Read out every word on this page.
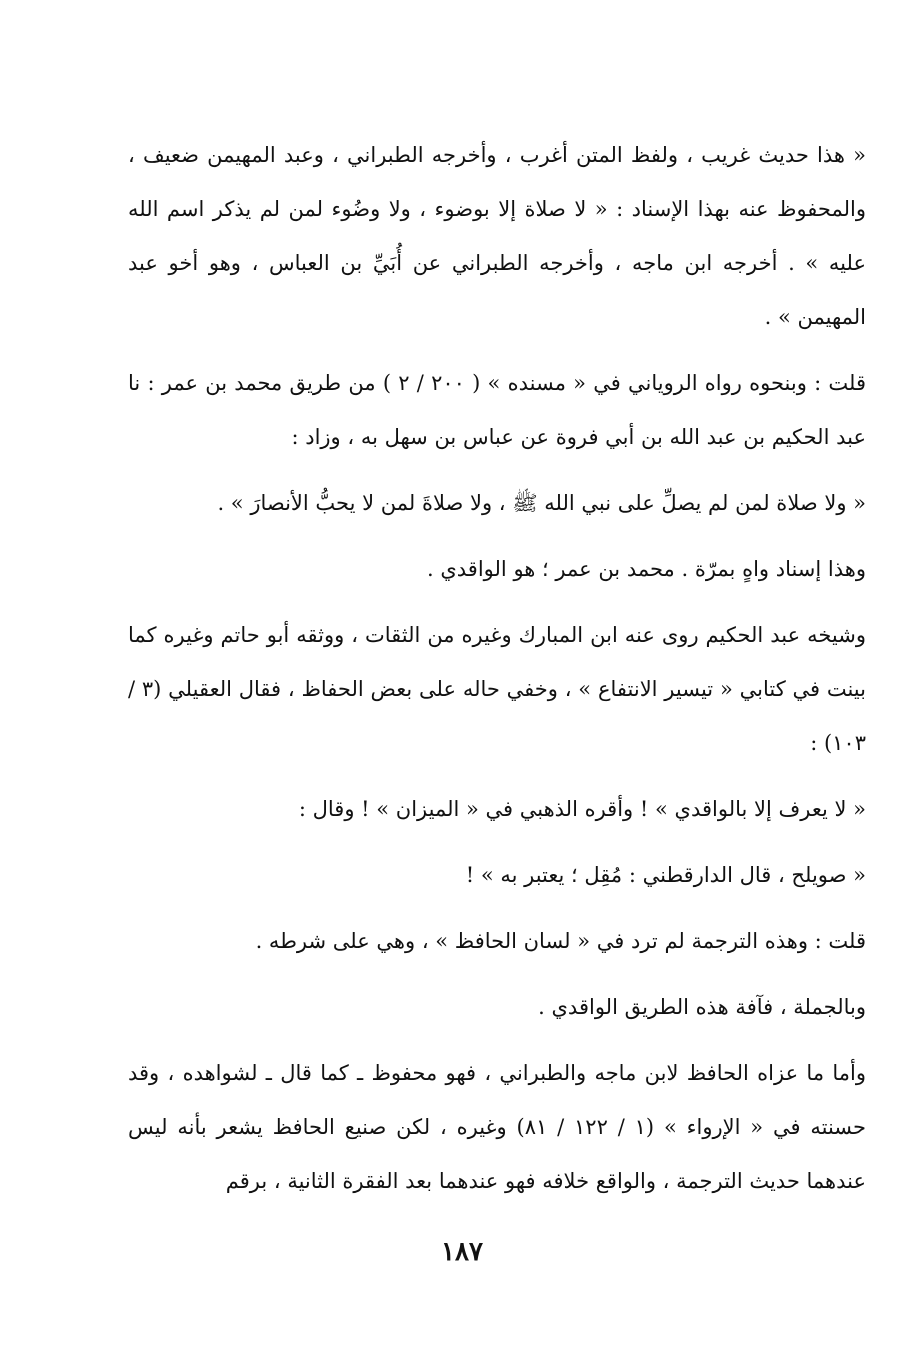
« هذا حديث غريب ، ولفظ المتن أغرب ، وأخرجه الطبراني ، وعبد المهيمن ضعيف ، والمحفوظ عنه بهذا الإسناد : « لا صلاة إلا بوضوء ، ولا وضُوء لمن لم يذكر اسم الله عليه » . أخرجه ابن ماجه ، وأخرجه الطبراني عن أُبَيِّ بن العباس ، وهو أخو عبد المهيمن » .

قلت : وبنحوه رواه الروياني في « مسنده » ( ٢٠٠ / ٢ ) من طريق محمد بن عمر : نا عبد الحكيم بن عبد الله بن أبي فروة عن عباس بن سهل به ، وزاد :

« ولا صلاة لمن لم يصلِّ على نبي الله ﷺ ، ولا صلاةَ لمن لا يحبُّ الأنصارَ » .

وهذا إسناد واهٍ بمرّة . محمد بن عمر ؛ هو الواقدي .

وشيخه عبد الحكيم روى عنه ابن المبارك وغيره من الثقات ، ووثقه أبو حاتم وغيره كما بينت في كتابي « تيسير الانتفاع » ، وخفي حاله على بعض الحفاظ ، فقال العقيلي (٣ / ١٠٣) :

« لا يعرف إلا بالواقدي » ! وأقره الذهبي في « الميزان » ! وقال :

« صويلح ، قال الدارقطني : مُقِل ؛ يعتبر به » !

قلت : وهذه الترجمة لم ترد في « لسان الحافظ » ، وهي على شرطه .

وبالجملة ، فآفة هذه الطريق الواقدي .

وأما ما عزاه الحافظ لابن ماجه والطبراني ، فهو محفوظ ـ كما قال ـ لشواهده ، وقد حسنته في « الإرواء » (١ / ١٢٢ / ٨١) وغيره ، لكن صنيع الحافظ يشعر بأنه ليس عندهما حديث الترجمة ، والواقع خلافه فهو عندهما بعد الفقرة الثانية ، برقم

١٨٧
